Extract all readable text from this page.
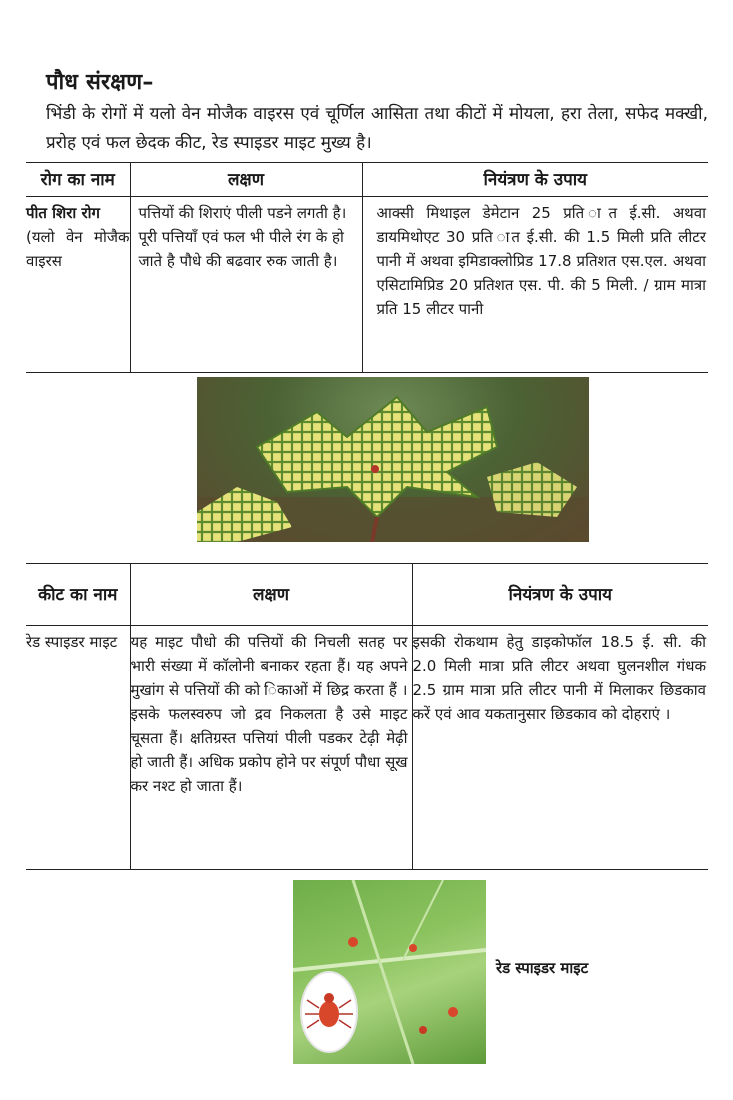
पौध संरक्षण–

भिंडी के रोगों में यलो वेन मोजैक वाइरस एवं चूर्णिल आसिता तथा कीटों में मोयला, हरा तेला, सफेद मक्खी, प्ररोह एवं फल छेदक कीट, रेड स्पाइडर माइट मुख्य है।

रोग का नाम	लक्षण	नियंत्रण के उपाय

पीत शिरा रोग
(यलो वेन मोजैक वाइरस	पत्तियों की शिराएं पीली पडने लगती है। पूरी पत्तियाँ एवं फल भी पीले रंग के हो जाते है पौधे की बढवार रुक जाती है।	आक्सी मिथाइल डेमेटान 25 प्रति ात ई.सी. अथवा डायमिथोएट 30 प्रति ात ई.सी. की 1.5 मिली प्रति लीटर पानी में अथवा इमिडाक्लोप्रिड 17.8 प्रतिशत एस.एल. अथवा एसिटामिप्रिड 20 प्रतिशत एस. पी. की 5 मिली. / ग्राम मात्रा प्रति 15 लीटर पानी
कीट का नाम	लक्षण	नियंत्रण के उपाय
रेड स्पाइडर माइट	यह माइट पौधो की पत्तियों की निचली सतह पर भारी संख्या में कॉलोनी बनाकर रहता हैं। यह अपने मुखांग से पत्तियों की को िकाओं में छिद्र करता हैं । इसके फलस्वरुप जो द्रव निकलता है उसे माइट चूसता हैं। क्षतिग्रस्त पत्तियां पीली पडकर टेढ़ी मेढ़ी हो जाती हैं। अधिक प्रकोप होने पर संपूर्ण पौधा सूख कर नश्ट हो जाता हैं।	इसकी रोकथाम हेतु डाइकोफॉल 18.5 ई. सी. की 2.0 मिली मात्रा प्रति लीटर अथवा घुलनशील गंधक 2.5 ग्राम मात्रा प्रति लीटर पानी में मिलाकर छिडकाव करें एवं आव यकतानुसार छिडकाव को दोहराएं ।
रेड स्पाइडर माइट
